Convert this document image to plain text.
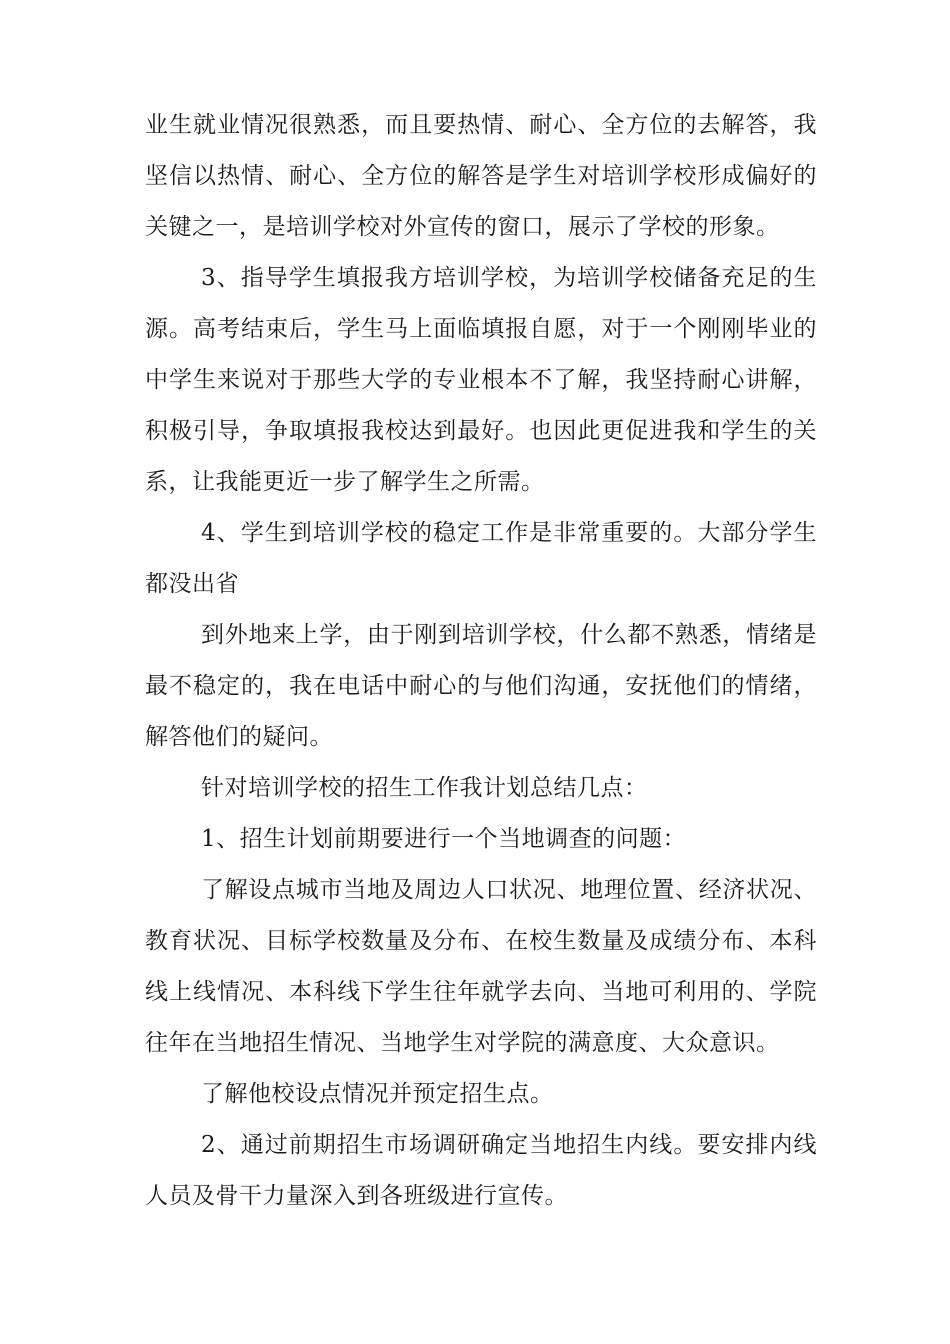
业生就业情况很熟悉，而且要热情、耐心、全方位的去解答，我坚信以热情、耐心、全方位的解答是学生对培训学校形成偏好的关键之一，是培训学校对外宣传的窗口，展示了学校的形象。

3、指导学生填报我方培训学校，为培训学校储备充足的生源。高考结束后，学生马上面临填报自愿，对于一个刚刚毕业的中学生来说对于那些大学的专业根本不了解，我坚持耐心讲解，积极引导，争取填报我校达到最好。也因此更促进我和学生的关系，让我能更近一步了解学生之所需。

4、学生到培训学校的稳定工作是非常重要的。大部分学生都没出省

到外地来上学，由于刚到培训学校，什么都不熟悉，情绪是最不稳定的，我在电话中耐心的与他们沟通，安抚他们的情绪，解答他们的疑问。

针对培训学校的招生工作我计划总结几点：

1、招生计划前期要进行一个当地调查的问题：

了解设点城市当地及周边人口状况、地理位置、经济状况、教育状况、目标学校数量及分布、在校生数量及成绩分布、本科线上线情况、本科线下学生往年就学去向、当地可利用的、学院往年在当地招生情况、当地学生对学院的满意度、大众意识。

了解他校设点情况并预定招生点。

2、通过前期招生市场调研确定当地招生内线。要安排内线人员及骨干力量深入到各班级进行宣传。
